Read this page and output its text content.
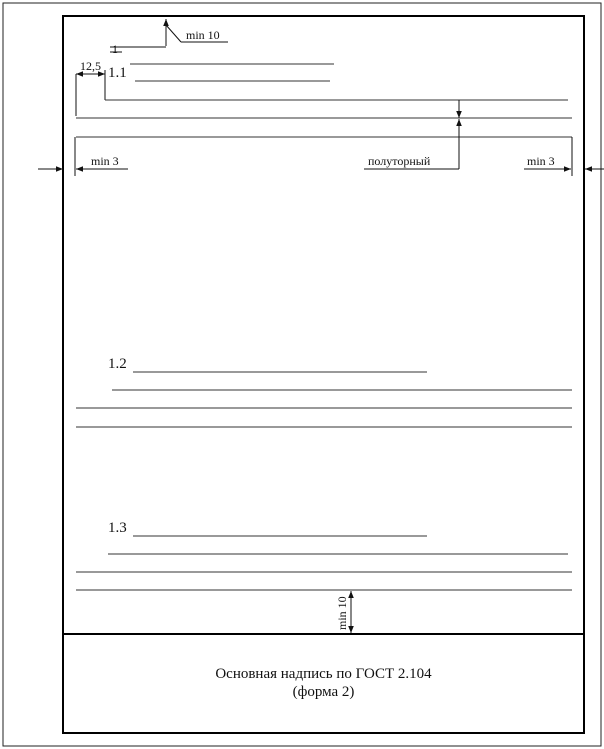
min 10
12,5
min 3	полуторный	min 3
min 10
1
1.1
1.2
1.3
Основная надпись по ГОСТ 2.104
(форма 2)
